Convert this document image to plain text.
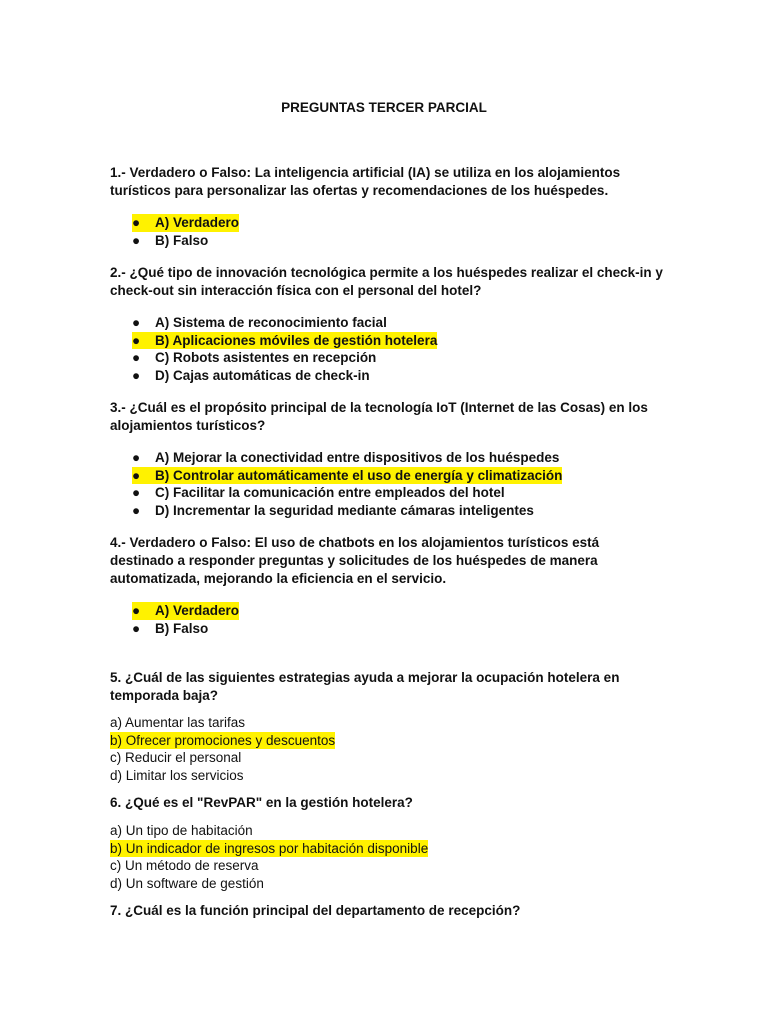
PREGUNTAS TERCER PARCIAL
1.- Verdadero o Falso: La inteligencia artificial (IA) se utiliza en los alojamientos turísticos para personalizar las ofertas y recomendaciones de los huéspedes.
●	A) Verdadero
●	B) Falso
2.- ¿Qué tipo de innovación tecnológica permite a los huéspedes realizar el check-in y check-out sin interacción física con el personal del hotel?
●	A) Sistema de reconocimiento facial
●	B) Aplicaciones móviles de gestión hotelera
●	C) Robots asistentes en recepción
●	D) Cajas automáticas de check-in
3.- ¿Cuál es el propósito principal de la tecnología IoT (Internet de las Cosas) en los alojamientos turísticos?
●	A) Mejorar la conectividad entre dispositivos de los huéspedes
●	B) Controlar automáticamente el uso de energía y climatización
●	C) Facilitar la comunicación entre empleados del hotel
●	D) Incrementar la seguridad mediante cámaras inteligentes
4.- Verdadero o Falso: El uso de chatbots en los alojamientos turísticos está destinado a responder preguntas y solicitudes de los huéspedes de manera automatizada, mejorando la eficiencia en el servicio.
●	A) Verdadero
●	B) Falso
5. ¿Cuál de las siguientes estrategias ayuda a mejorar la ocupación hotelera en temporada baja?
a) Aumentar las tarifas
b) Ofrecer promociones y descuentos
c) Reducir el personal
d) Limitar los servicios
6. ¿Qué es el "RevPAR" en la gestión hotelera?
a) Un tipo de habitación
b) Un indicador de ingresos por habitación disponible
c) Un método de reserva
d) Un software de gestión
7. ¿Cuál es la función principal del departamento de recepción?
